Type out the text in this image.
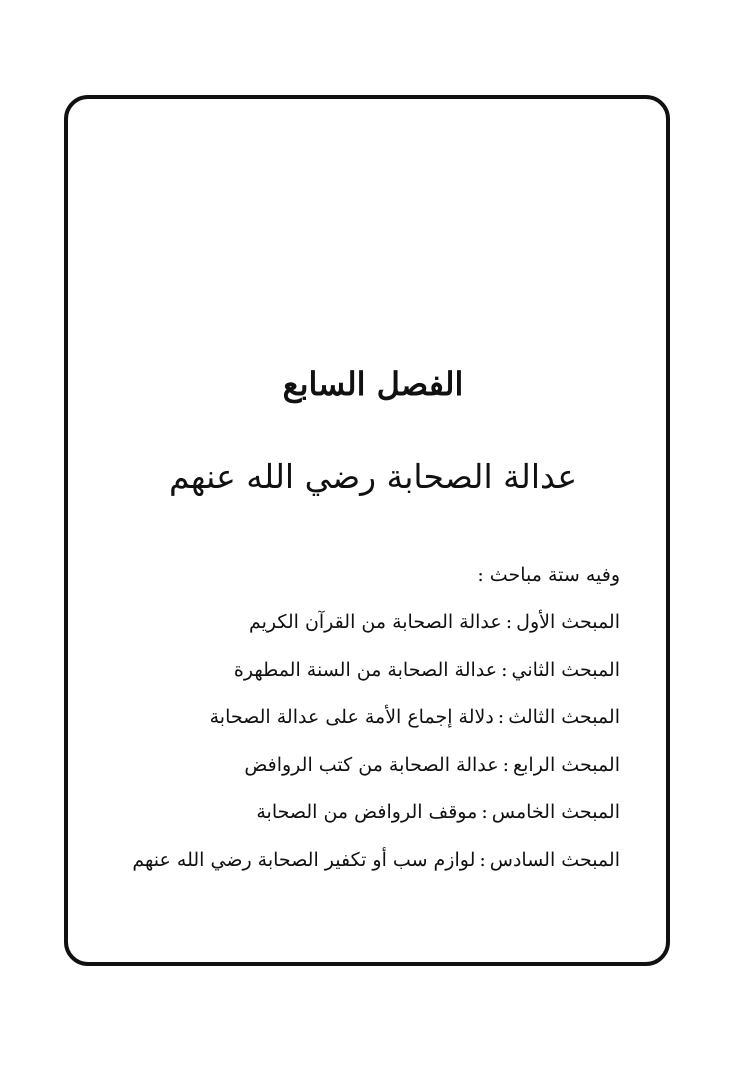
الفصل السابع
عدالة الصحابة رضي الله عنهم
وفيه ستة مباحث :
المبحث الأول:عدالة الصحابة من القرآن الكريم
المبحث الثاني:عدالة الصحابة من السنة المطهرة
المبحث الثالث:دلالة إجماع الأمة على عدالة الصحابة
المبحث الرابع:عدالة الصحابة من كتب الروافض
المبحث الخامس:موقف الروافض من الصحابة
المبحث السادس:لوازم سب أو تكفير الصحابة رضي الله عنهم
